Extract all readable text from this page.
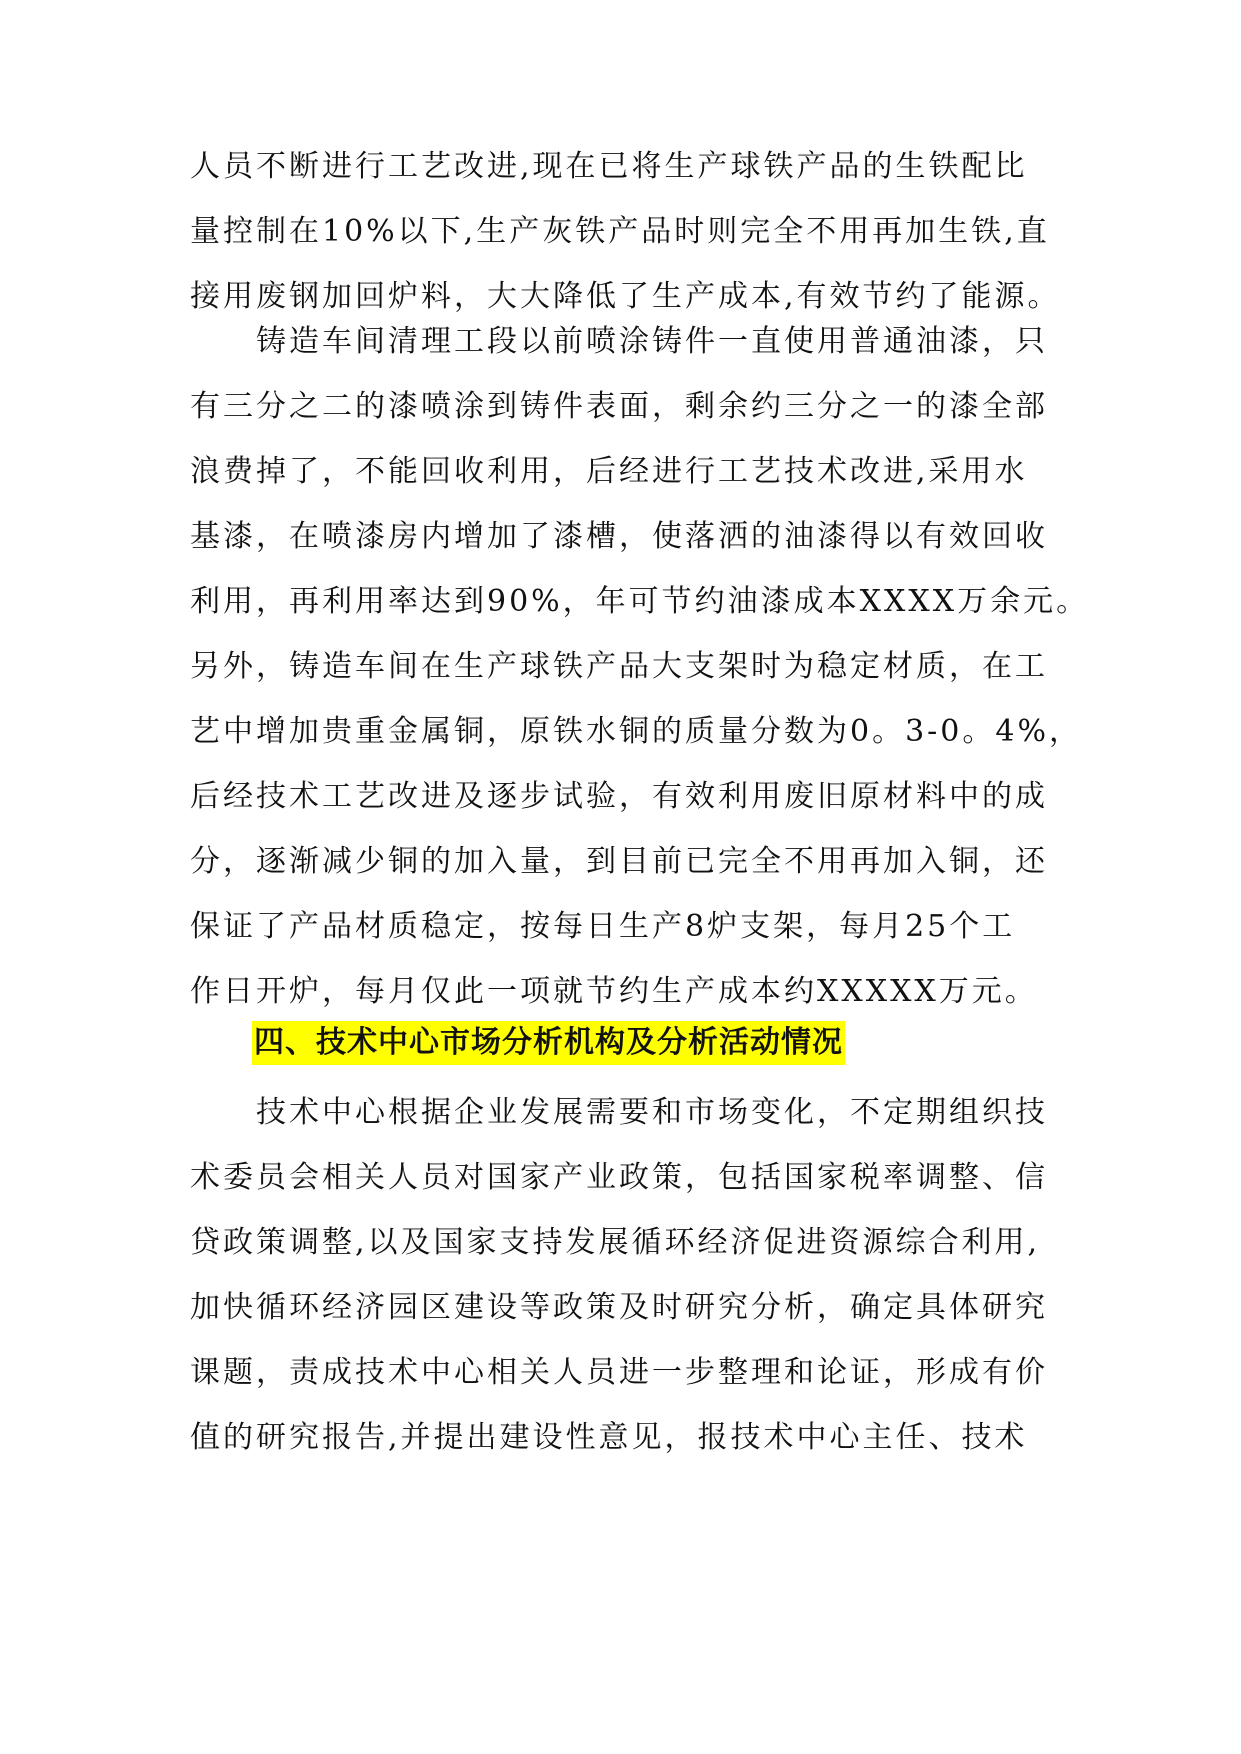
人员不断进行工艺改进,现在已将生产球铁产品的生铁配比
量控制在10%以下,生产灰铁产品时则完全不用再加生铁,直
接用废钢加回炉料，大大降低了生产成本,有效节约了能源。
　　铸造车间清理工段以前喷涂铸件一直使用普通油漆，只
有三分之二的漆喷涂到铸件表面，剩余约三分之一的漆全部
浪费掉了，不能回收利用，后经进行工艺技术改进,采用水
基漆，在喷漆房内增加了漆槽，使落洒的油漆得以有效回收
利用，再利用率达到90%，年可节约油漆成本XXXX万余元。
另外，铸造车间在生产球铁产品大支架时为稳定材质，在工
艺中增加贵重金属铜，原铁水铜的质量分数为0。3-0。4%，
后经技术工艺改进及逐步试验，有效利用废旧原材料中的成
分，逐渐减少铜的加入量，到目前已完全不用再加入铜，还
保证了产品材质稳定，按每日生产8炉支架，每月25个工
作日开炉，每月仅此一项就节约生产成本约XXXXX万元。
四、技术中心市场分析机构及分析活动情况
　　技术中心根据企业发展需要和市场变化，不定期组织技
术委员会相关人员对国家产业政策，包括国家税率调整、信
贷政策调整,以及国家支持发展循环经济促进资源综合利用,
加快循环经济园区建设等政策及时研究分析，确定具体研究
课题，责成技术中心相关人员进一步整理和论证，形成有价
值的研究报告,并提出建设性意见，报技术中心主任、技术
